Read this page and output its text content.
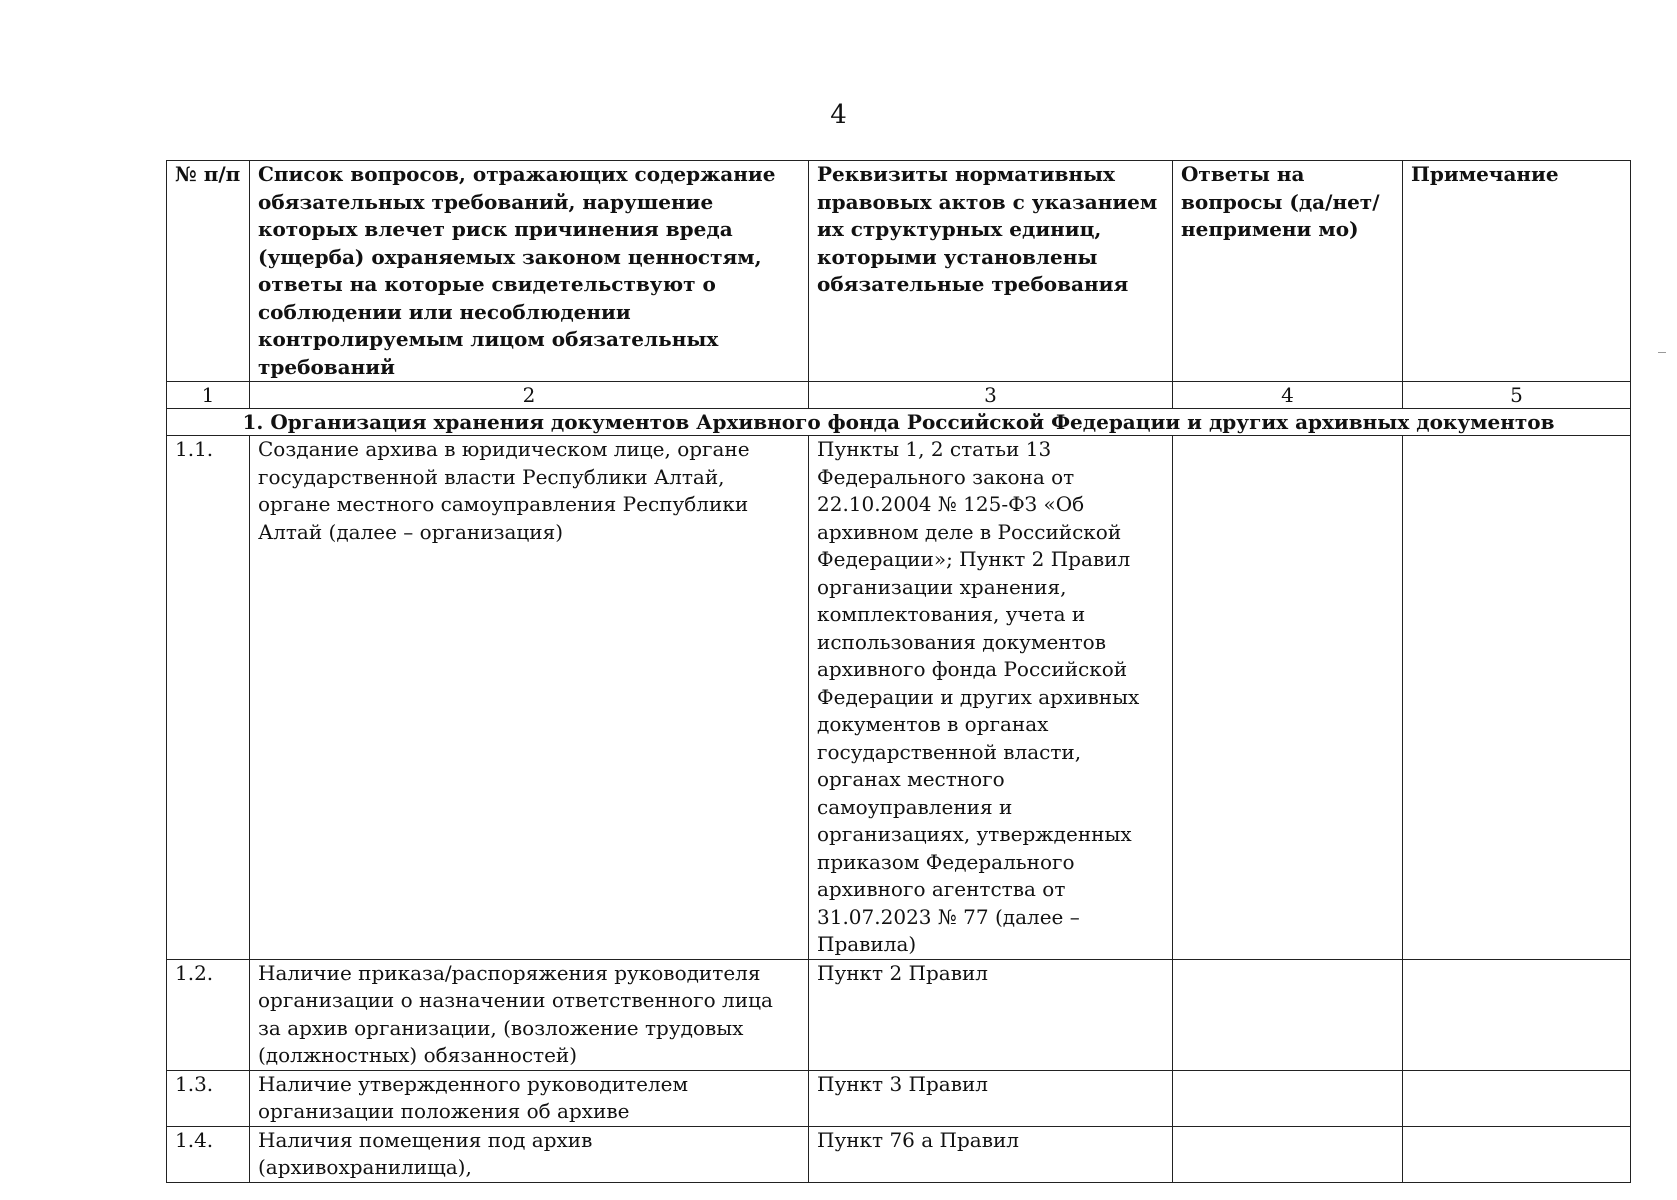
4
№ п/п	Список вопросов, отражающих содержание обязательных требований, нарушение которых влечет риск причинения вреда (ущерба) охраняемых законом ценностям, ответы на которые свидетельствуют о соблюдении или несоблюдении контролируемым лицом обязательных требований	Реквизиты нормативных правовых актов с указанием их структурных единиц, которыми установлены обязательные требования	Ответы на вопросы (да/нет/непримени мо)	Примечание
1	2	3	4	5
1. Организация хранения документов Архивного фонда Российской Федерации и других архивных документов				
1.1.	Создание архива в юридическом лице, органе государственной власти Республики Алтай, органе местного самоуправления Республики Алтай (далее – организация)	Пункты 1, 2 статьи 13 Федерального закона от 22.10.2004 № 125-ФЗ «Об архивном деле в Российской Федерации»; Пункт 2 Правил организации хранения, комплектования, учета и использования документов архивного фонда Российской Федерации и других архивных документов в органах государственной власти, органах местного самоуправления и организациях, утвержденных приказом Федерального архивного агентства от 31.07.2023 № 77 (далее – Правила)		
1.2.	Наличие приказа/распоряжения руководителя организации о назначении ответственного лица за архив организации, (возложение трудовых (должностных) обязанностей)	Пункт 2 Правил		
1.3.	Наличие утвержденного руководителем организации положения об архиве	Пункт 3 Правил		
1.4.	Наличия помещения под архив (архивохранилища),	Пункт 76 а Правил		
